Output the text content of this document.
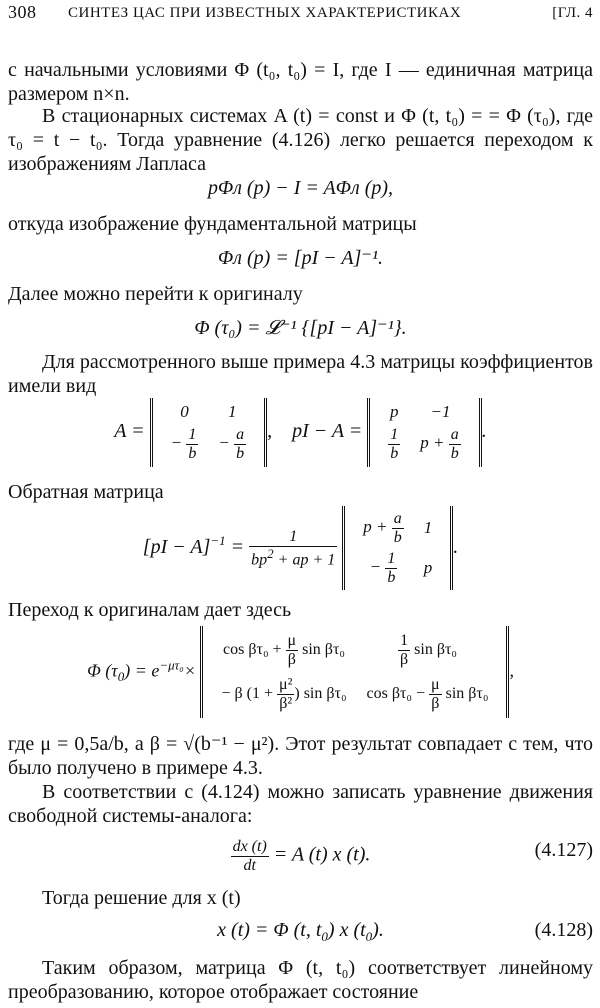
308 СИНТЕЗ ЦАС ПРИ ИЗВЕСТНЫХ ХАРАКТЕРИСТИКАХ	[ГЛ. 4
с начальными условиями Φ (t₀, t₀) = I, где I — единичная матрица размером n×n.
В стационарных системах A (t) = const и Φ (t, t₀) = = Φ (τ₀), где τ₀ = t − t₀. Тогда уравнение (4.126) легко решается переходом к изображениям Лапласа
pΦл (p) − I = AΦл (p),
откуда изображение фундаментальной матрицы
Φл (p) = [pI − A]⁻¹.
Далее можно перейти к оригиналу
Φ (τ₀) = 𝓛⁻¹ {[pI − A]⁻¹}.
Для рассмотренного выше примера 4.3 матрицы коэффициентов имели вид
A =
0	1
− $\frac{1}{b}$	− $\frac{a}{b}$ ,    pI − A =
p	−1

$\frac{1}{b}$	$p + \frac{a}{b}$ .
Обратная матрица
$[pI - A]^{-1} = \frac{1}{bp^2 + ap + 1}$

$p + \frac{a}{b}$	1
− $\frac{1}{b}$	p
.
Переход к оригиналам дает здесь
Φ $(\tau_0) = e^{-\mu\tau_0}\times$
$\cos \beta\tau_0 + \frac{\mu}{\beta}$ sin βτ₀	$\frac{1}{\beta}$ sin βτ₀
− β ($1 + \frac{\text{μ²}}{\text{β²}}$ ) sin βτ₀	$\cos \beta\tau_0 - \frac{\mu}{\beta}$ sin βτ₀
,
где μ = 0,5a/b, а β = √(b⁻¹ − μ²). Этот результат совпадает с тем, что было получено в примере 4.3.
В соответствии с (4.124) можно записать уравнение движения свободной системы-аналога:
$\frac{dx (t)}{dt} = A$ (t) x (t).	(4.127)
Тогда решение для x (t)
x (t) = Φ (t, $t_0$) x $(t_0)$.	(4.128)
Таким образом, матрица Φ (t, t₀) соответствует линейному преобразованию, которое отображает состояние
